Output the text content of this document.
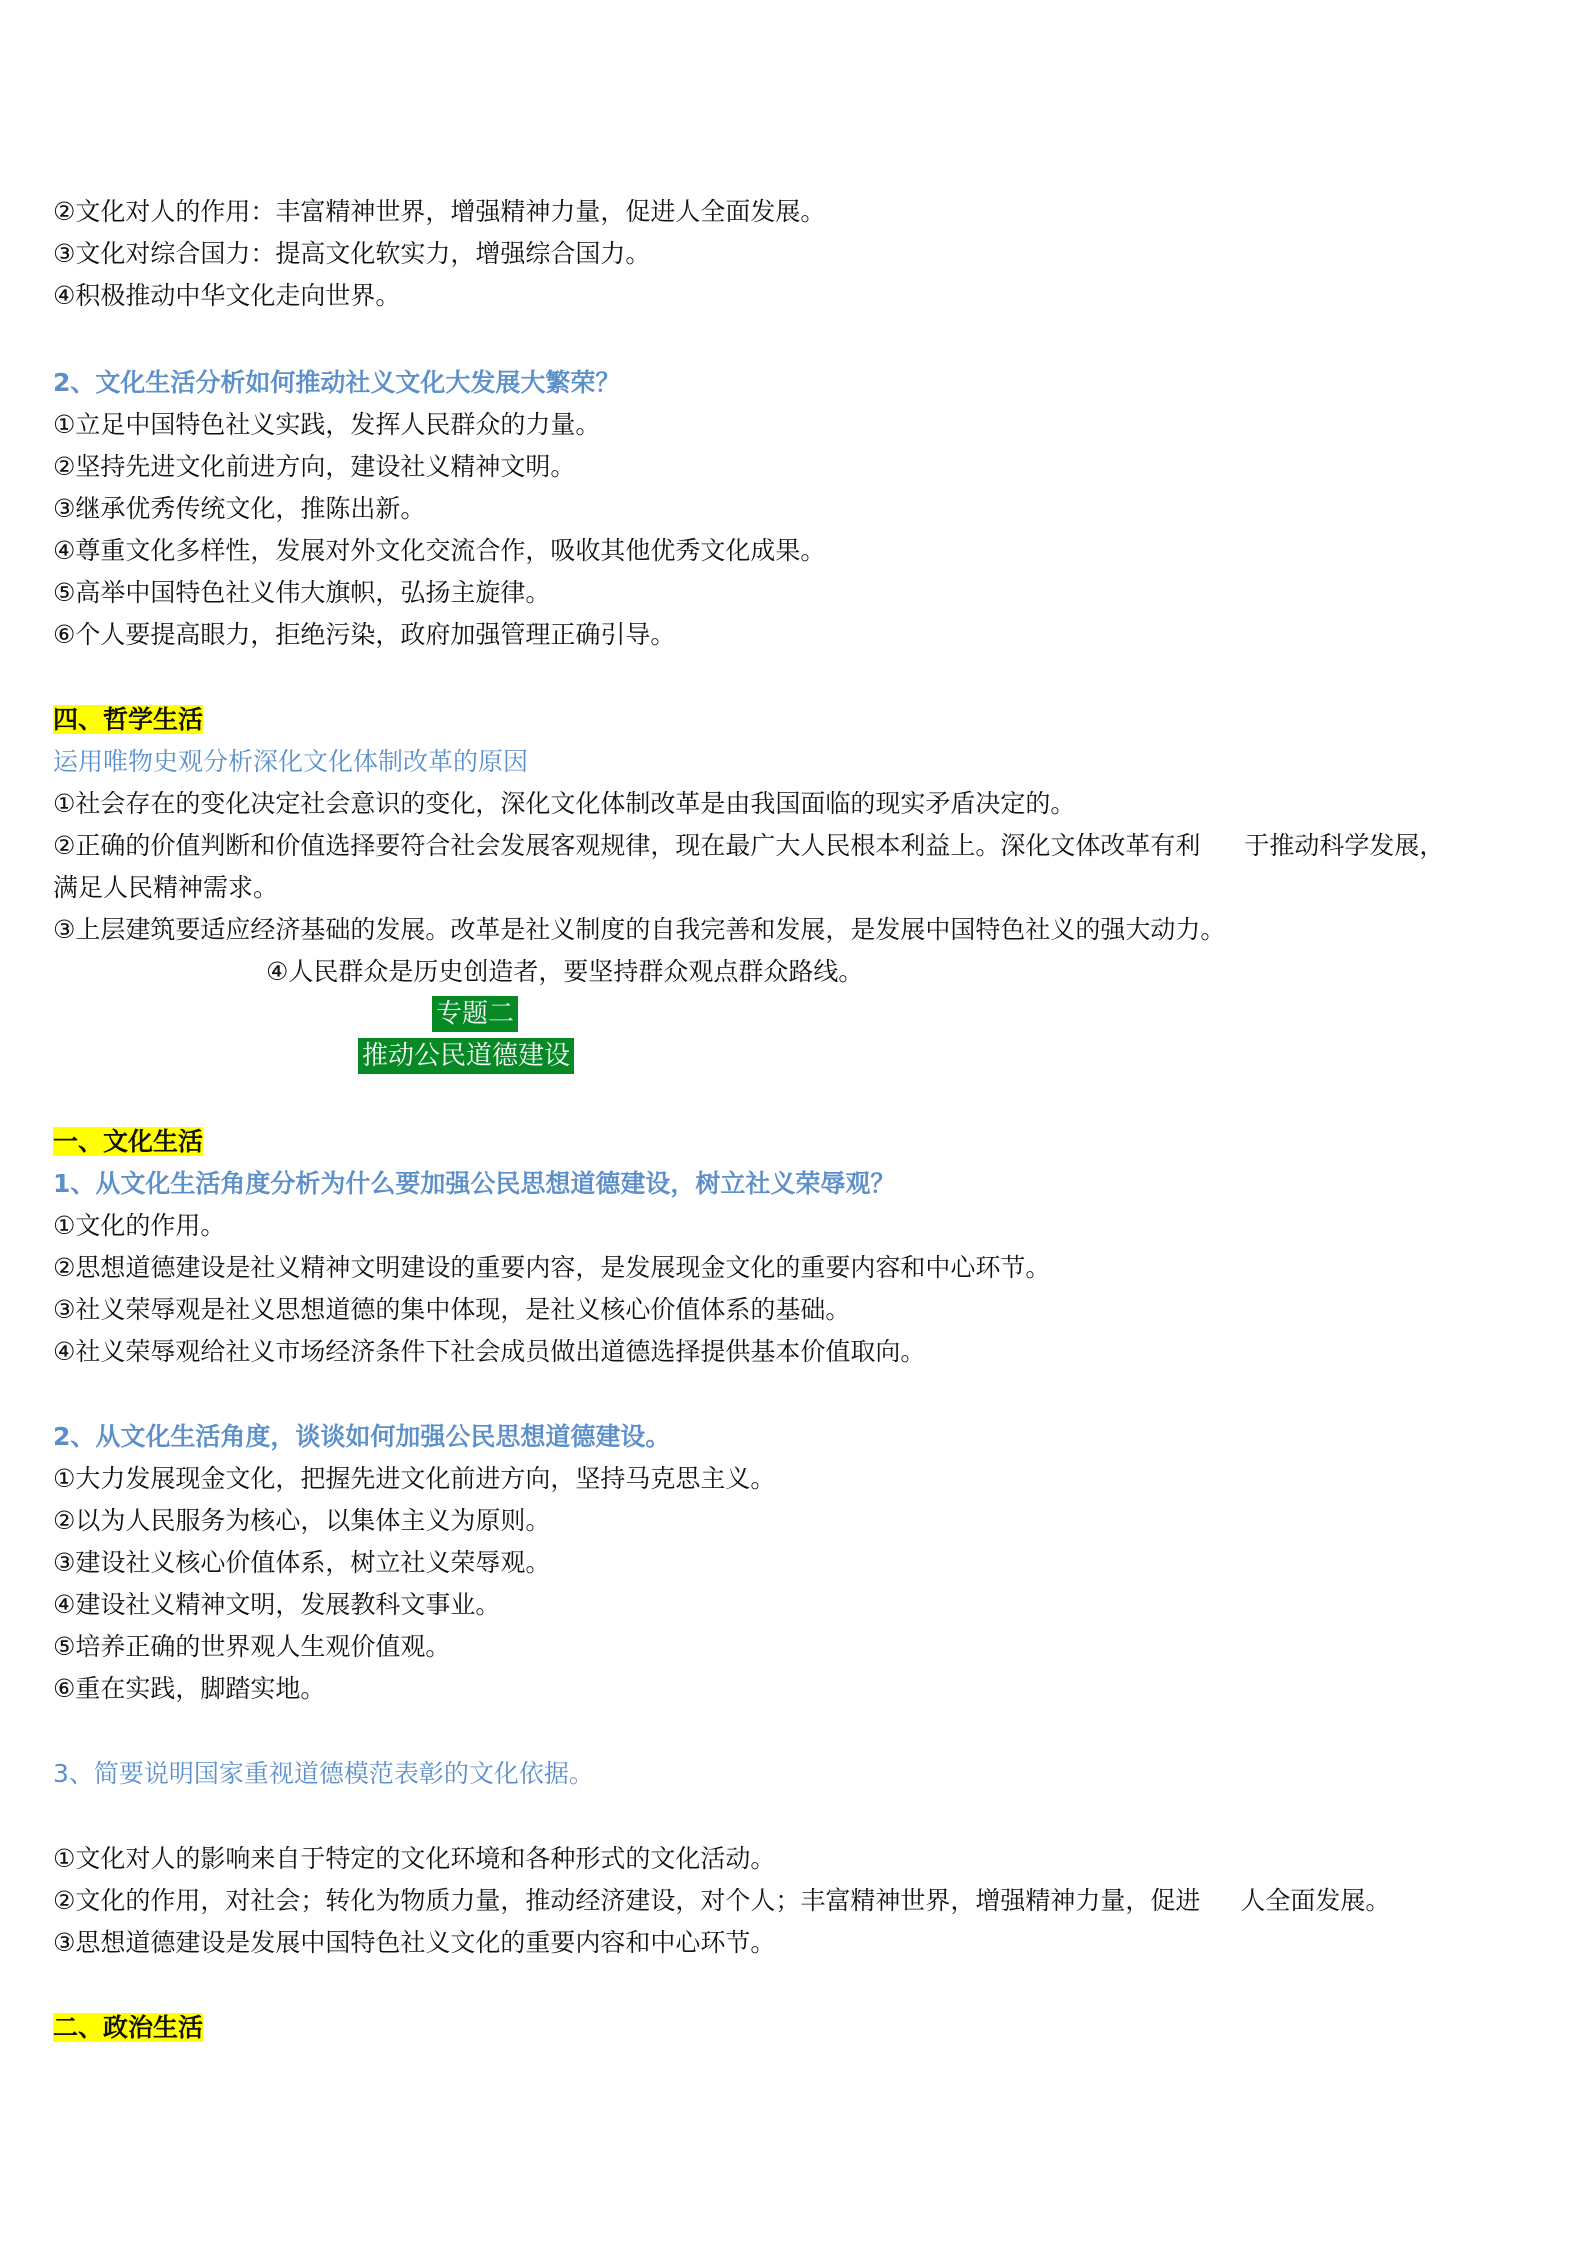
②文化对人的作用：丰富精神世界，增强精神力量，促进人全面发展。
③文化对综合国力：提高文化软实力，增强综合国力。
④积极推动中华文化走向世界。
2、文化生活分析如何推动社义文化大发展大繁荣？
①立足中国特色社义实践，发挥人民群众的力量。
②坚持先进文化前进方向，建设社义精神文明。
③继承优秀传统文化，推陈出新。
④尊重文化多样性，发展对外文化交流合作，吸收其他优秀文化成果。
⑤高举中国特色社义伟大旗帜，弘扬主旋律。
⑥个人要提高眼力，拒绝污染，政府加强管理正确引导。
四、哲学生活
运用唯物史观分析深化文化体制改革的原因
①社会存在的变化决定社会意识的变化，深化文化体制改革是由我国面临的现实矛盾决定的。
②正确的价值判断和价值选择要符合社会发展客观规律，现在最广大人民根本利益上。深化文体改革有利 于推动科学发展，
满足人民精神需求。
③上层建筑要适应经济基础的发展。改革是社义制度的自我完善和发展，是发展中国特色社义的强大动力。
④人民群众是历史创造者，要坚持群众观点群众路线。
专题二
推动公民道德建设
一、文化生活
1、从文化生活角度分析为什么要加强公民思想道德建设，树立社义荣辱观？
①文化的作用。
②思想道德建设是社义精神文明建设的重要内容，是发展现金文化的重要内容和中心环节。
③社义荣辱观是社义思想道德的集中体现，是社义核心价值体系的基础。
④社义荣辱观给社义市场经济条件下社会成员做出道德选择提供基本价值取向。
2、从文化生活角度，谈谈如何加强公民思想道德建设。
①大力发展现金文化，把握先进文化前进方向，坚持马克思主义。
②以为人民服务为核心，以集体主义为原则。
③建设社义核心价值体系，树立社义荣辱观。
④建设社义精神文明，发展教科文事业。
⑤培养正确的世界观人生观价值观。
⑥重在实践，脚踏实地。
3、简要说明国家重视道德模范表彰的文化依据。
①文化对人的影响来自于特定的文化环境和各种形式的文化活动。
②文化的作用，对社会；转化为物质力量，推动经济建设，对个人；丰富精神世界，增强精神力量，促进 人全面发展。
③思想道德建设是发展中国特色社义文化的重要内容和中心环节。
二、政治生活
